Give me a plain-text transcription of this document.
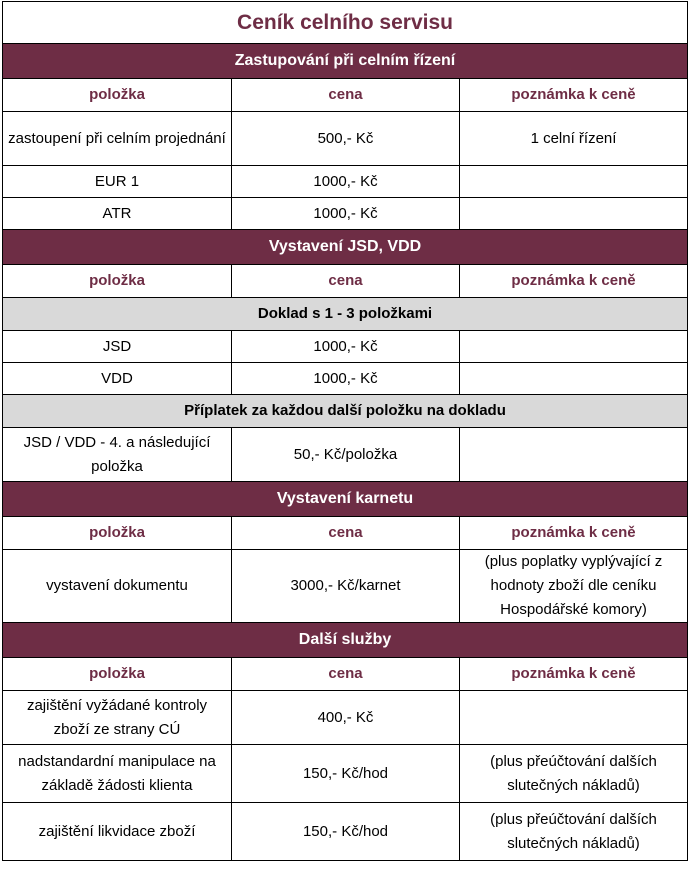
Ceník celního servisu		
Zastupování při celním řízení		
položka	cena	poznámka k ceně
zastoupení při celním projednání	500,- Kč	1 celní řízení
EUR 1	1000,- Kč	
ATR	1000,- Kč	
Vystavení JSD, VDD		
položka	cena	poznámka k ceně
Doklad s 1 - 3 položkami		
JSD	1000,- Kč	
VDD	1000,- Kč	
Příplatek za každou další položku na dokladu		
JSD / VDD - 4. a následující položka	50,- Kč/položka	
Vystavení karnetu		
položka	cena	poznámka k ceně
vystavení dokumentu	3000,- Kč/karnet	(plus poplatky vyplývající z hodnoty zboží dle ceníku Hospodářské komory)
Další služby		
položka	cena	poznámka k ceně
zajištění vyžádané kontroly zboží ze strany CÚ	400,- Kč	
nadstandardní manipulace na základě žádosti klienta	150,- Kč/hod	(plus přeúčtování dalších slutečných nákladů)
zajištění likvidace zboží	150,- Kč/hod	(plus přeúčtování dalších slutečných nákladů)
